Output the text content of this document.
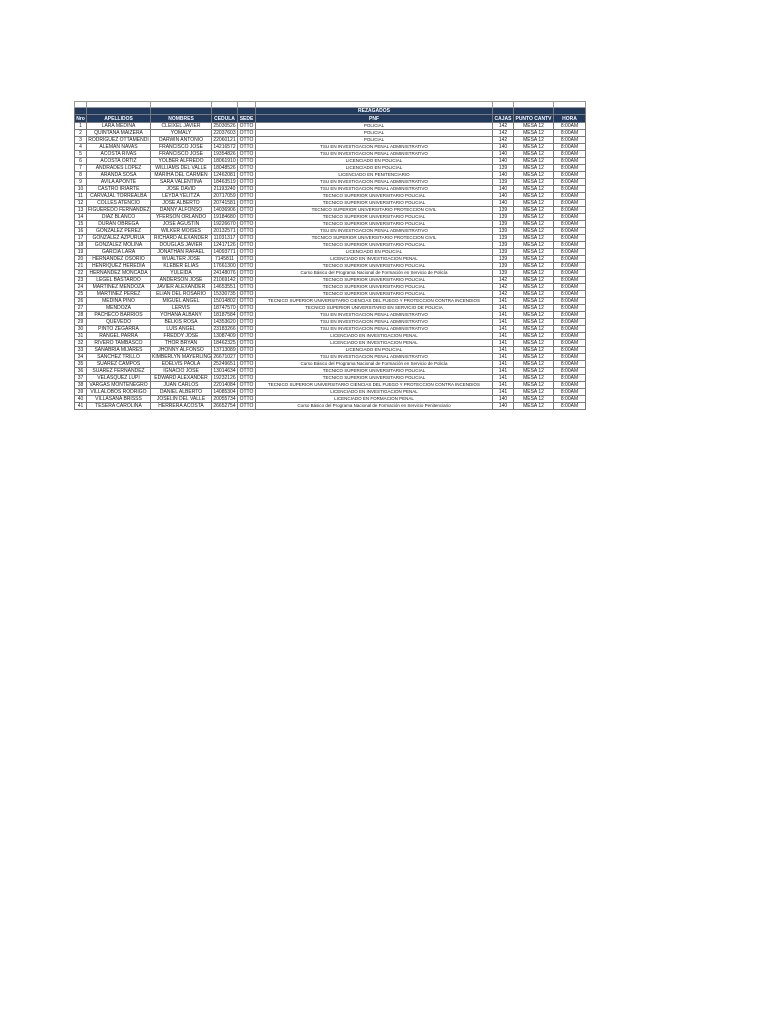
					REZAGADOS			
Nro	APELLIDOS	NOMBRES	CEDULA	SEDE	PNF	CAJAS	PUNTO CANTV	HORA
1	LARA MEDINA	CLEIXEL JAVIER	25030526	OTTO	POLICIAL	142	MESA 12	8:00AM
2	QUINTANA MAIZERA	YOMALY	22037603	OTTO	POLICIAL	142	MESA 12	8:00AM
3	RODRIGUEZ OTTAMENDI	DARWIN ANTONIO	22060121	OTTO	POLICIAL	142	MESA 12	8:00AM
4	ALEMAN NAVAS	FRANCISCO JOSE	14216572	OTTO	TSU EN INVESTIGACION PENAL ADMINISTRATIVO	140	MESA 12	8:00AM
5	ACOSTA RIVAS	FRANCISCO JOSE	19354826	OTTO	TSU EN INVESTIGACION PENAL ADMINISTRATIVO	140	MESA 12	8:00AM
6	ACOSTA ORTIZ	YOLBER ALFREDO	18061910	OTTO	LICENCIADO EN POLICIAL	140	MESA 12	8:00AM
7	ANDRADES LOPEZ	WILLIAMS DEL VALLE	18048526	OTTO	LICENCIADO EN POLICIAL	139	MESA 12	8:00AM
8	ARANDA SOSA	MARIHA DEL CARMEN	12462081	OTTO	LICENCIADO EN PENITENCIARIO	140	MESA 12	8:00AM
9	AVILA APONTE	SARA VALENTINA	18463519	OTTO	TSU EN INVESTIGACION PENAL ADMINISTRATIVO	139	MESA 12	8:00AM
10	CASTRO IRIARTE	JOSE DAVID	21193240	OTTO	TSU EN INVESTIGACION PENAL ADMINISTRATIVO	140	MESA 12	8:00AM
11	CARVAJAL TORREALBA	LEYDA YELITZA	20717059	OTTO	TECNICO SUPERIOR UNIVERSITARIO POLICIAL	140	MESA 12	8:00AM
12	COLLES ATENCIO	JOSE ALBERTO	20741581	OTTO	TECNICO SUPERIOR UNIVERSITARIO POLICIAL	140	MESA 12	8:00AM
13	FIGUEREDO FERNANDEZ	DANNY ALFONSO	14036906	OTTO	TECNICO SUPERIOR UNIVERSITARIO PROTECCION CIVIL	139	MESA 12	8:00AM
14	DIAZ BLANCO	YFERSON ORLANDO	19184680	OTTO	TECNICO SUPERIOR UNIVERSITARIO POLICIAL	139	MESA 12	8:00AM
15	DURAN OBREGA	JOSE AGUSTIN	19226670	OTTO	TECNICO SUPERIOR UNIVERSITARIO POLICIAL	139	MESA 12	8:00AM
16	GONZALEZ PEREZ	WILKER MOISES	20132571	OTTO	TSU EN INVESTIGACION PENAL ADMINISTRATIVO	139	MESA 12	8:00AM
17	GONZALEZ AZPURUA	RICHARD ALEXANDER	11031317	OTTO	TECNICO SUPERIOR UNIVERSITARIO PROTECCION CIVIL	139	MESA 12	8:00AM
18	GONZALEZ MOLINA	DOUGLAS JAVIER	12417126	OTTO	TECNICO SUPERIOR UNIVERSITARIO POLICIAL	139	MESA 12	8:00AM
19	GARCIA LARA	JONATHAN RAFAEL	14093771	OTTO	LICENCIADO EN POLICIAL	139	MESA 12	8:00AM
20	HERNANDEZ OSORIO	WUALTER JOSE	7145811	OTTO	LICENCIADO EN INVESTIGACION PENAL	139	MESA 12	8:00AM
21	HENRIQUEZ HEREDIA	KLEBER ELIAS	17661300	OTTO	TECNICO SUPERIOR UNIVERSITARIO POLICIAL	139	MESA 12	8:00AM
22	HERNANDEZ MONCADA	YULEIDA	24148076	OTTO	Curso Básico del Programa Nacional de Formación en Servicio de Policía	139	MESA 12	8:00AM
23	LEGEL BASTARDO	ANDERSON JOSE	21069142	OTTO	TECNICO SUPERIOR UNIVERSITARIO POLICIAL	142	MESA 12	8:00AM
24	MARTINEZ MENDOZA	JAVIER ALEXANDER	14653551	OTTO	TECNICO SUPERIOR UNIVERSITARIO POLICIAL	142	MESA 12	8:00AM
25	MARTINEZ PEREZ	ELIAN DEL ROSARIO	15330735	OTTO	TECNICO SUPERIOR UNIVERSITARIO POLICIAL	142	MESA 12	8:00AM
26	MEDINA PINO	MIGUEL ANGEL	15014802	OTTO	TECNICO SUPERIOR UNIVERSITARIO CIENCIAS DEL FUEGO Y PROTECCION CONTRA INCENDIOS	141	MESA 12	8:00AM
27	MENDOZA	LERVIS	18747570	OTTO	TECNICO SUPERIOR UNIVERSITARIO EN SERVICIO DE POLICIA	141	MESA 12	8:00AM
28	PACHECO BARRIOS	YOHANA ALBANY	18187584	OTTO	TSU EN INVESTIGACION PENAL ADMINISTRATIVO	141	MESA 12	8:00AM
29	QUEVEDO	BELKIS ROSA	14353620	OTTO	TSU EN INVESTIGACION PENAL ADMINISTRATIVO	141	MESA 12	8:00AM
30	PINTO ZEGARRA	LUIS ANGEL	23183266	OTTO	TSU EN INVESTIGACION PENAL ADMINISTRATIVO	141	MESA 12	8:00AM
31	RANGEL PARRA	FREDDY JOSE	13087409	OTTO	LICENCIADO EN INVESTIGACION PENAL	141	MESA 12	8:00AM
32	RIVERO TAMBASCO	THOR BRYAN	18462325	OTTO	LICENCIADO EN INVESTIGACION PENAL	141	MESA 12	8:00AM
33	SANABRIA MIJARES	JHONNY ALFONSO	13713089	OTTO	LICENCIADO EN POLICIAL	141	MESA 12	8:00AM
34	SANCHEZ TRILLO	KIMBERLYN MAYERLING	26671027	OTTO	TSU EN INVESTIGACION PENAL ADMINISTRATIVO	141	MESA 12	8:00AM
35	SUAREZ CAMPOS	EDELVIS PAOLA	25249651	OTTO	Curso Básico del Programa Nacional de Formación en Servicio de Policía	141	MESA 12	8:00AM
36	SUAREZ FERNANDEZ	IGNACIO JOSE	13014634	OTTO	TECNICO SUPERIOR UNIVERSITARIO POLICIAL	141	MESA 12	8:00AM
37	VELASQUEZ LUPI	EDWARD ALEXANDER	19232126	OTTO	TECNICO SUPERIOR UNIVERSITARIO POLICIAL	141	MESA 12	8:00AM
38	VARGAS MONTENEGRO	JUAN CARLOS	22014084	OTTO	TECNICO SUPERIOR UNIVERSITARIO CIENCIAS DEL FUEGO Y PROTECCION CONTRA INCENDIOS	141	MESA 12	8:00AM
39	VILLALOBOS RODRIGO	DANIEL ALBERTO	14085304	OTTO	LICENCIADO EN INVESTIGACION PENAL	141	MESA 12	8:00AM
40	VILLASANA BRISSS	JOSELIN DEL VALLE	20055734	OTTO	LICENCIADO EN FORMACION PENAL	140	MESA 12	8:00AM
41	TESERA CAROLINA	HERRERA ACOSTA	26652754	OTTO	Curso Básico del Programa Nacional de Formación en Servicio Penitenciario	140	MESA 12	8:00AM
